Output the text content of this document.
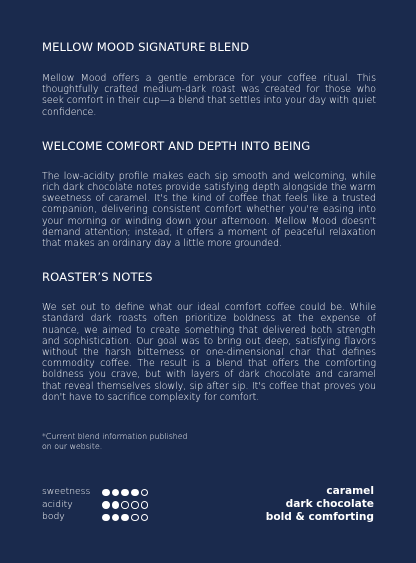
MELLOW MOOD SIGNATURE BLEND

Mellow Mood offers a gentle embrace for your coffee ritual. This thoughtfully crafted medium-dark roast was created for those who seek comfort in their cup—a blend that settles into your day with quiet confidence.

WELCOME COMFORT AND DEPTH INTO BEING

The low-acidity profile makes each sip smooth and welcoming, while rich dark chocolate notes provide satisfying depth alongside the warm sweetness of caramel. It's the kind of coffee that feels like a trusted companion, delivering consistent comfort whether you're easing into your morning or winding down your afternoon. Mellow Mood doesn't demand attention; instead, it offers a moment of peaceful relaxation that makes an ordinary day a little more grounded.

ROASTER’S NOTES

We set out to define what our ideal comfort coffee could be. While standard dark roasts often prioritize boldness at the expense of nuance, we aimed to create something that delivered both strength and sophistication. Our goal was to bring out deep, satisfying flavors without the harsh bitterness or one-dimensional char that defines commodity coffee. The result is a blend that offers the comforting boldness you crave, but with layers of dark chocolate and caramel that reveal themselves slowly, sip after sip. It's coffee that proves you don't have to sacrifice complexity for comfort.

*Current blend information published on our website.
sweetness
acidity
body
caramel
dark chocolate
bold & comforting
